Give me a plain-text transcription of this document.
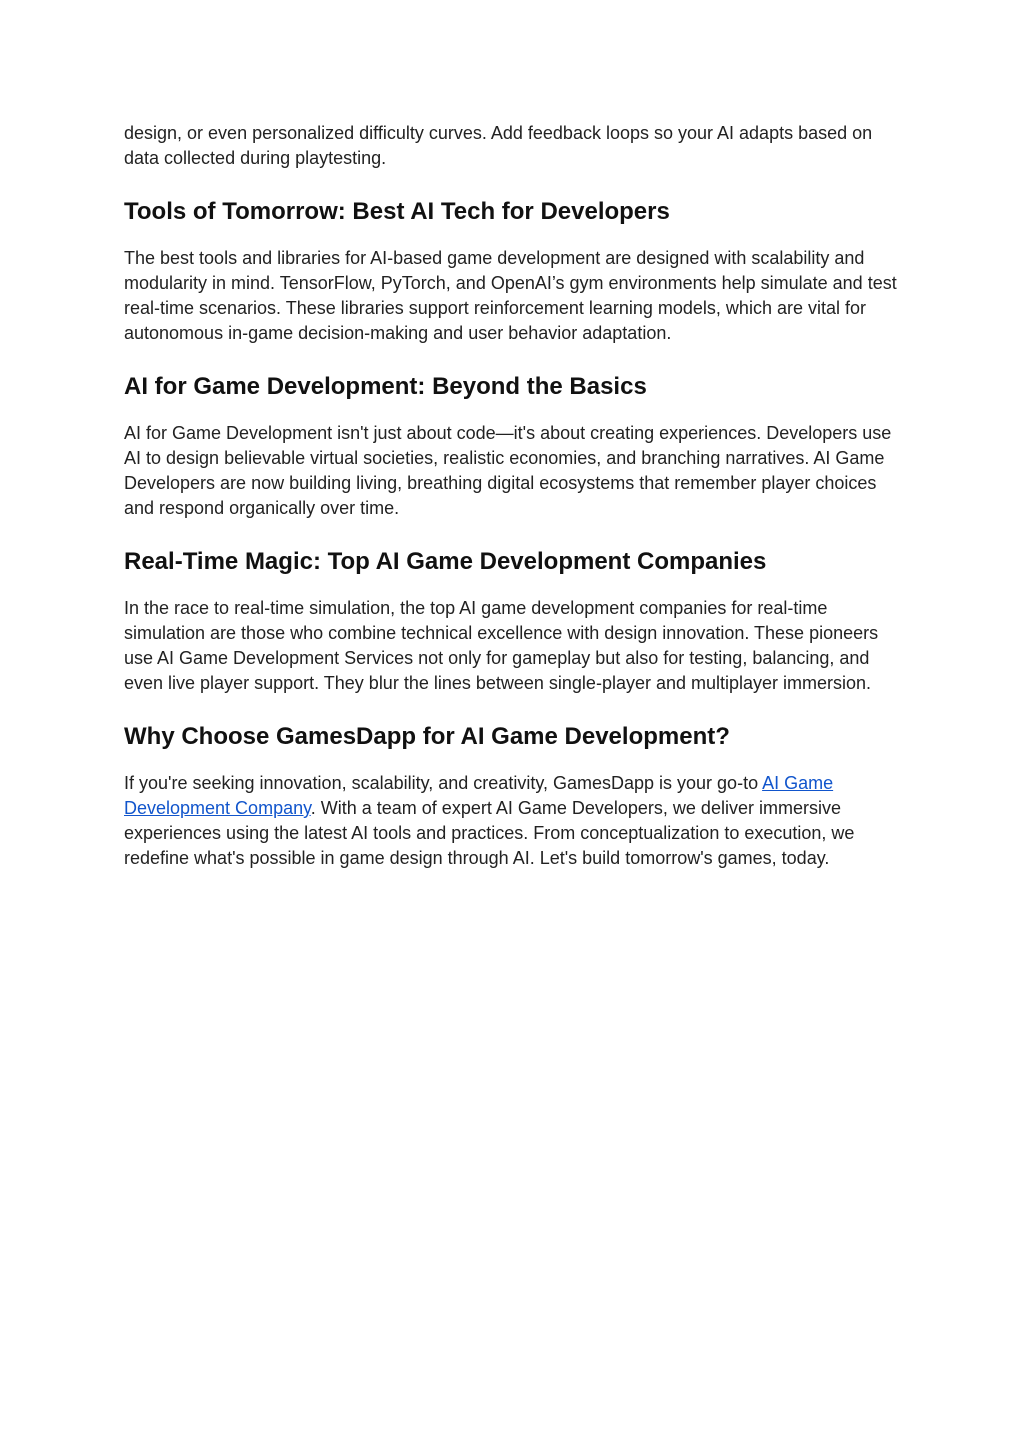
design, or even personalized difficulty curves. Add feedback loops so your AI adapts based on data collected during playtesting.

Tools of Tomorrow: Best AI Tech for Developers

The best tools and libraries for AI-based game development are designed with scalability and modularity in mind. TensorFlow, PyTorch, and OpenAI’s gym environments help simulate and test real-time scenarios. These libraries support reinforcement learning models, which are vital for autonomous in-game decision-making and user behavior adaptation.

AI for Game Development: Beyond the Basics

AI for Game Development isn't just about code—it's about creating experiences. Developers use AI to design believable virtual societies, realistic economies, and branching narratives. AI Game Developers are now building living, breathing digital ecosystems that remember player choices and respond organically over time.

Real-Time Magic: Top AI Game Development Companies

In the race to real-time simulation, the top AI game development companies for real-time simulation are those who combine technical excellence with design innovation. These pioneers use AI Game Development Services not only for gameplay but also for testing, balancing, and even live player support. They blur the lines between single-player and multiplayer immersion.

Why Choose GamesDapp for AI Game Development?

If you're seeking innovation, scalability, and creativity, GamesDapp is your go-to AI Game Development Company. With a team of expert AI Game Developers, we deliver immersive experiences using the latest AI tools and practices. From conceptualization to execution, we redefine what's possible in game design through AI. Let's build tomorrow's games, today.
